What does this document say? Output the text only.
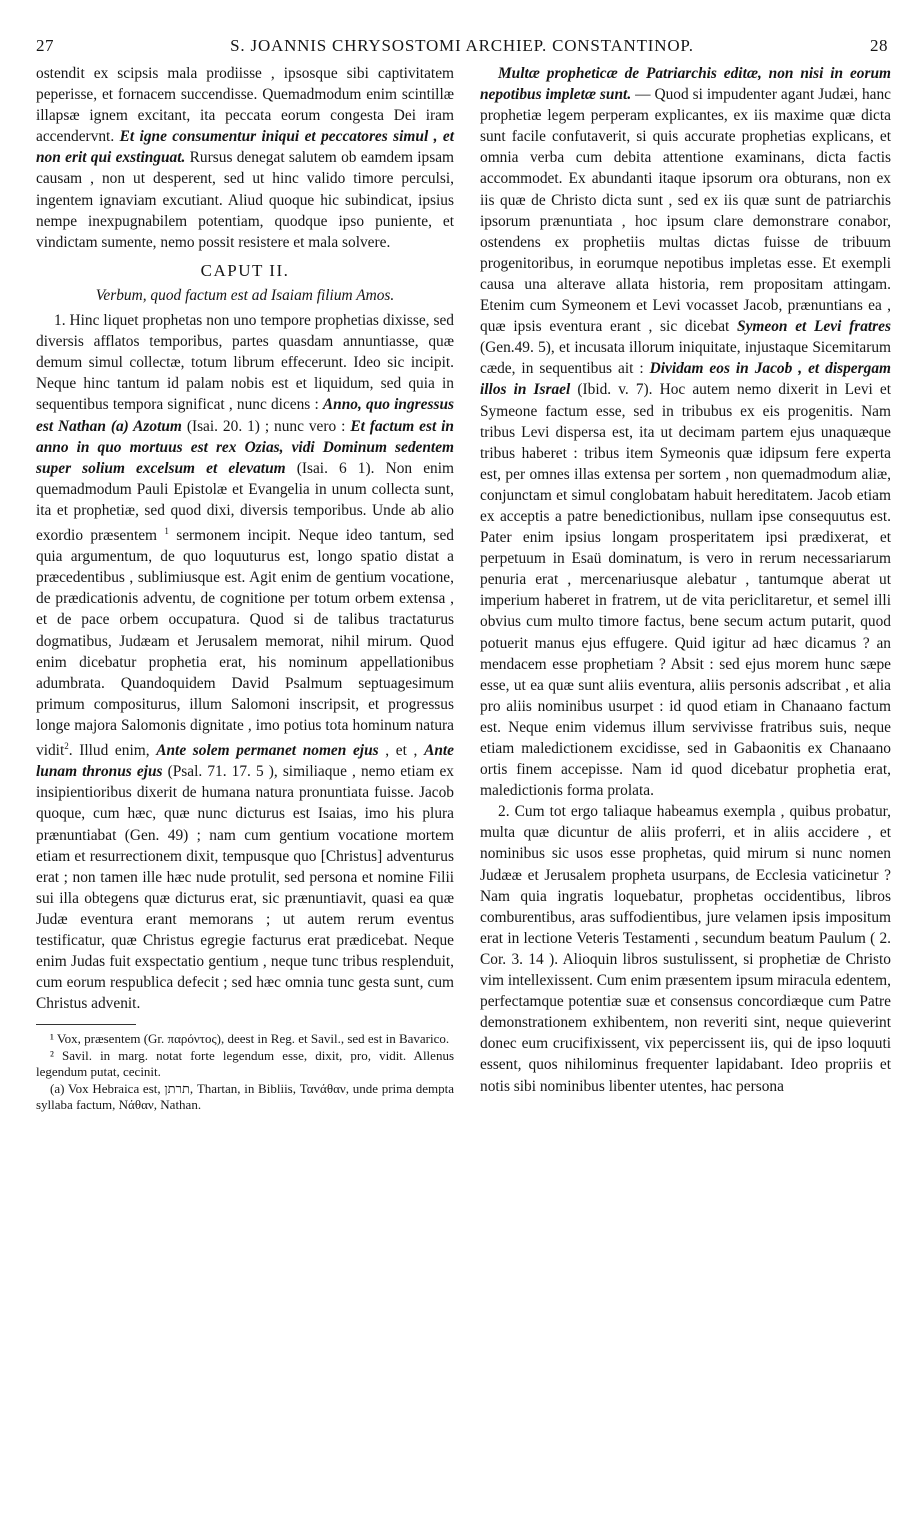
27	S. JOANNIS CHRYSOSTOMI ARCHIEP. CONSTANTINOP.	28

ostendit ex scipsis mala prodiisse , ipsosque sibi captivitatem peperisse, et fornacem succendisse. Quemadmodum enim scintillæ illapsæ ignem excitant, ita peccata eorum congesta Dei iram accendervnt. Et igne consumentur iniqui et peccatores simul , et non erit qui exstinguat. Rursus denegat salutem ob eamdem ipsam causam , non ut desperent, sed ut hinc valido timore perculsi, ingentem ignaviam excutiant. Aliud quoque hic subindicat, ipsius nempe inexpugnabilem potentiam, quodque ipso puniente, et vindictam sumente, nemo possit resistere et mala solvere.

CAPUT II.
Verbum, quod factum est ad Isaiam filium Amos.

1. Hinc liquet prophetas non uno tempore prophetias dixisse, sed diversis afflatos temporibus, partes quasdam annuntiasse, quæ demum simul collectæ, totum librum effecerunt. Ideo sic incipit. Neque hinc tantum id palam nobis est et liquidum, sed quia in sequentibus tempora significat , nunc dicens : Anno, quo ingressus est Nathan (a) Azotum (Isai. 20. 1) ; nunc vero : Et factum est in anno in quo mortuus est rex Ozias, vidi Dominum sedentem super solium excelsum et elevatum (Isai. 6 1). Non enim quemadmodum Pauli Epistolæ et Evangelia in unum collecta sunt, ita et prophetiæ, sed quod dixi, diversis temporibus. Unde ab alio exordio præsentem $^1$ sermonem incipit. Neque ideo tantum, sed quia argumentum, de quo loquuturus est, longo spatio distat a præcedentibus , sublimiusque est. Agit enim de gentium vocatione, de prædicationis adventu, de cognitione per totum orbem extensa , et de pace orbem occupatura. Quod si de talibus tractaturus dogmatibus, Judæam et Jerusalem memorat, nihil mirum. Quod enim dicebatur prophetia erat, his nominum appellationibus adumbrata. Quandoquidem David Psalmum septuagesimum primum compositurus, illum Salomoni inscripsit, et progressus longe majora Salomonis dignitate , imo potius tota hominum natura vidit$^2$. Illud enim, Ante solem permanet nomen ejus , et , Ante lunam thronus ejus (Psal. 71. 17. 5 ), similiaque , nemo etiam ex insipientioribus dixerit de humana natura pronuntiata fuisse. Jacob quoque, cum hæc, quæ nunc dicturus est Isaias, imo his plura prænuntiabat (Gen. 49) ; nam cum gentium vocatione mortem etiam et resurrectionem dixit, tempusque quo [Christus] adventurus erat ; non tamen ille hæc nude protulit, sed persona et nomine Filii sui illa obtegens quæ dicturus erat, sic prænuntiavit, quasi ea quæ Judæ eventura erant memorans ; ut autem rerum eventus testificatur, quæ Christus egregie facturus erat prædicebat. Neque enim Judas fuit exspectatio gentium , neque tunc tribus resplenduit, cum eorum respublica defecit ; sed hæc omnia tunc gesta sunt, cum Christus advenit.

¹ Vox, præsentem (Gr. παρόντος), deest in Reg. et Savil., sed est in Bavarico.

² Savil. in marg. notat forte legendum esse, dixit, pro, vidit. Allenus legendum putat, cecinit.

(a) Vox Hebraica est, תרתן, Thartan, in Bibliis, Ταvάθαν, unde prima dempta syllaba factum, Νάθαν, Nathan.

Multæ propheticæ de Patriarchis editæ, non nisi in eorum nepotibus impletæ sunt. — Quod si impudenter agant Judæi, hanc prophetiæ legem perperam explicantes, ex iis maxime quæ dicta sunt facile confutaverit, si quis accurate prophetias explicans, et omnia verba cum debita attentione examinans, dicta factis accommodet. Ex abundanti itaque ipsorum ora obturans, non ex iis quæ de Christo dicta sunt , sed ex iis quæ sunt de patriarchis ipsorum prænuntiata , hoc ipsum clare demonstrare conabor, ostendens ex prophetiis multas dictas fuisse de tribuum progenitoribus, in eorumque nepotibus impletas esse. Et exempli causa una alterave allata historia, rem propositam attingam. Etenim cum Symeonem et Levi vocasset Jacob, prænuntians ea , quæ ipsis eventura erant , sic dicebat Symeon et Levi fratres (Gen.49. 5), et incusata illorum iniquitate, injustaque Sicemitarum cæde, in sequentibus ait : Dividam eos in Jacob , et dispergam illos in Israel (Ibid. v. 7). Hoc autem nemo dixerit in Levi et Symeone factum esse, sed in tribubus ex eis progenitis. Nam tribus Levi dispersa est, ita ut decimam partem ejus unaquæque tribus haberet : tribus item Symeonis quæ idipsum fere experta est, per omnes illas extensa per sortem , non quemadmodum aliæ, conjunctam et simul conglobatam habuit hereditatem. Jacob etiam ex acceptis a patre benedictionibus, nullam ipse consequutus est. Pater enim ipsius longam prosperitatem ipsi prædixerat, et perpetuum in Esaü dominatum, is vero in rerum necessariarum penuria erat , mercenariusque alebatur , tantumque aberat ut imperium haberet in fratrem, ut de vita periclitaretur, et semel illi obvius cum multo timore factus, bene secum actum putarit, quod potuerit manus ejus effugere. Quid igitur ad hæc dicamus ? an mendacem esse prophetiam ? Absit : sed ejus morem hunc sæpe esse, ut ea quæ sunt aliis eventura, aliis personis adscribat , et alia pro aliis nominibus usurpet : id quod etiam in Chanaano factum est. Neque enim videmus illum servivisse fratribus suis, neque etiam maledictionem excidisse, sed in Gabaonitis ex Chanaano ortis finem accepisse. Nam id quod dicebatur prophetia erat, maledictionis forma prolata.

2. Cum tot ergo taliaque habeamus exempla , quibus probatur, multa quæ dicuntur de aliis proferri, et in aliis accidere , et nominibus sic usos esse prophetas, quid mirum si nunc nomen Judææ et Jerusalem propheta usurpans, de Ecclesia vaticinetur ? Nam quia ingratis loquebatur, prophetas occidentibus, libros comburentibus, aras suffodientibus, jure velamen ipsis impositum erat in lectione Veteris Testamenti , secundum beatum Paulum ( 2. Cor. 3. 14 ). Alioquin libros sustulissent, si prophetiæ de Christo vim intellexissent. Cum enim præsentem ipsum miracula edentem, perfectamque potentiæ suæ et consensus concordiæque cum Patre demonstrationem exhibentem, non reveriti sint, neque quieverint donec eum crucifixissent, vix pepercissent iis, qui de ipso loquuti essent, quos nihilominus frequenter lapidabant. Ideo propriis et notis sibi nominibus libenter utentes, hac persona
